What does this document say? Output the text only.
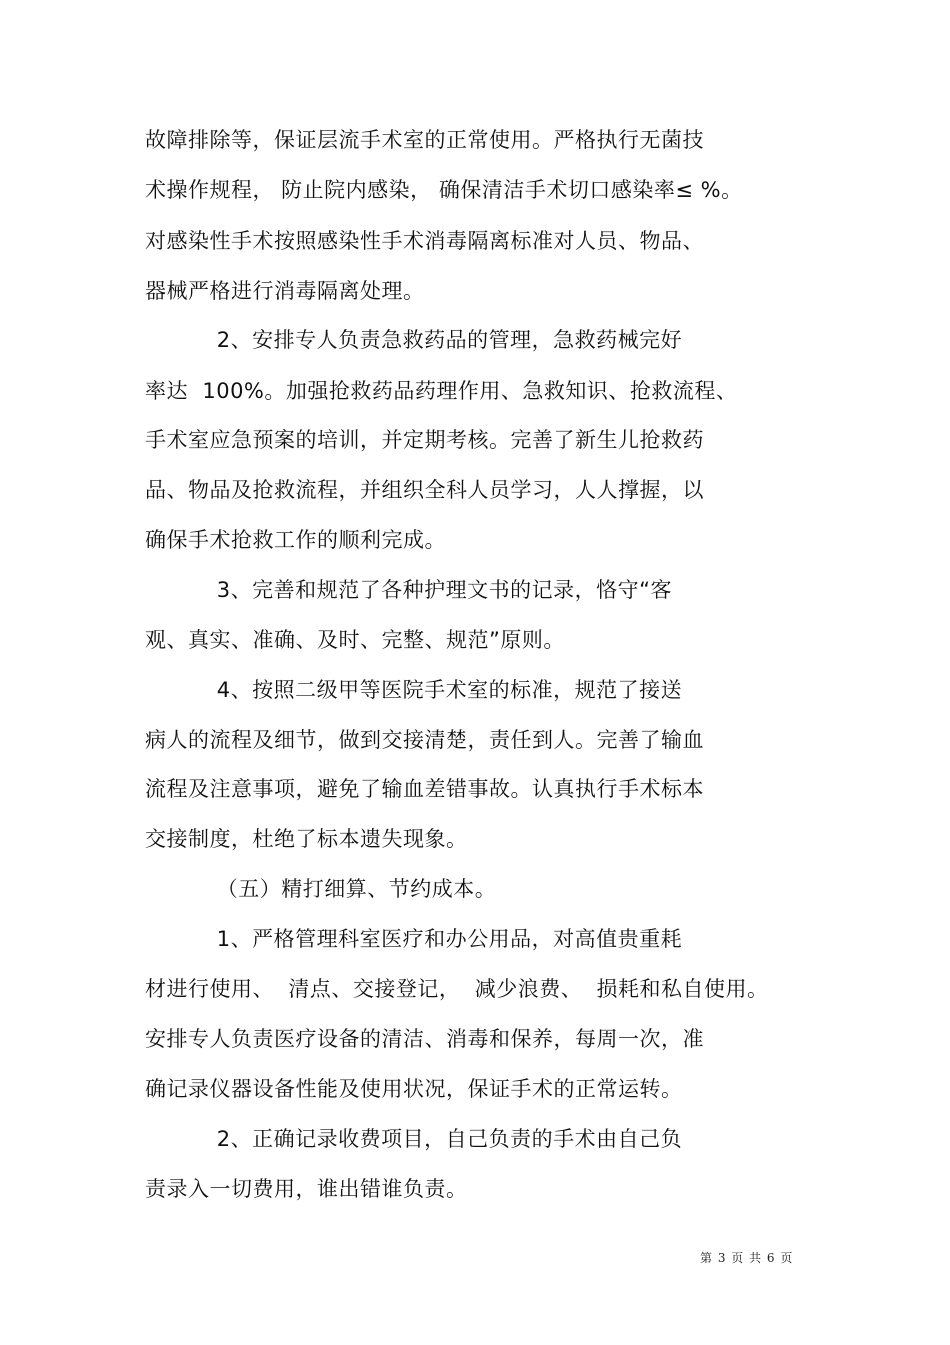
故障排除等，保证层流手术室的正常使用。严格执行无菌技
术操作规程， 防止院内感染， 确保清洁手术切口感染率≤ %。
对感染性手术按照感染性手术消毒隔离标准对人员、物品、
器械严格进行消毒隔离处理。
2、安排专人负责急救药品的管理，急救药械完好
率达  100%。加强抢救药品药理作用、急救知识、抢救流程、
手术室应急预案的培训，并定期考核。完善了新生儿抢救药
品、物品及抢救流程，并组织全科人员学习，人人撑握，以
确保手术抢救工作的顺利完成。
3、完善和规范了各种护理文书的记录，恪守“客
观、真实、准确、及时、完整、规范”原则。
4、按照二级甲等医院手术室的标准，规范了接送
病人的流程及细节，做到交接清楚，责任到人。完善了输血
流程及注意事项，避免了输血差错事故。认真执行手术标本
交接制度，杜绝了标本遗失现象。
（五）精打细算、节约成本。
1、严格管理科室医疗和办公用品，对高值贵重耗
材进行使用、  清点、交接登记，  减少浪费、  损耗和私自使用。
安排专人负责医疗设备的清洁、消毒和保养，每周一次，准
确记录仪器设备性能及使用状况，保证手术的正常运转。
2、正确记录收费项目，自己负责的手术由自己负
责录入一切费用，谁出错谁负责。
第 3 页 共 6 页
